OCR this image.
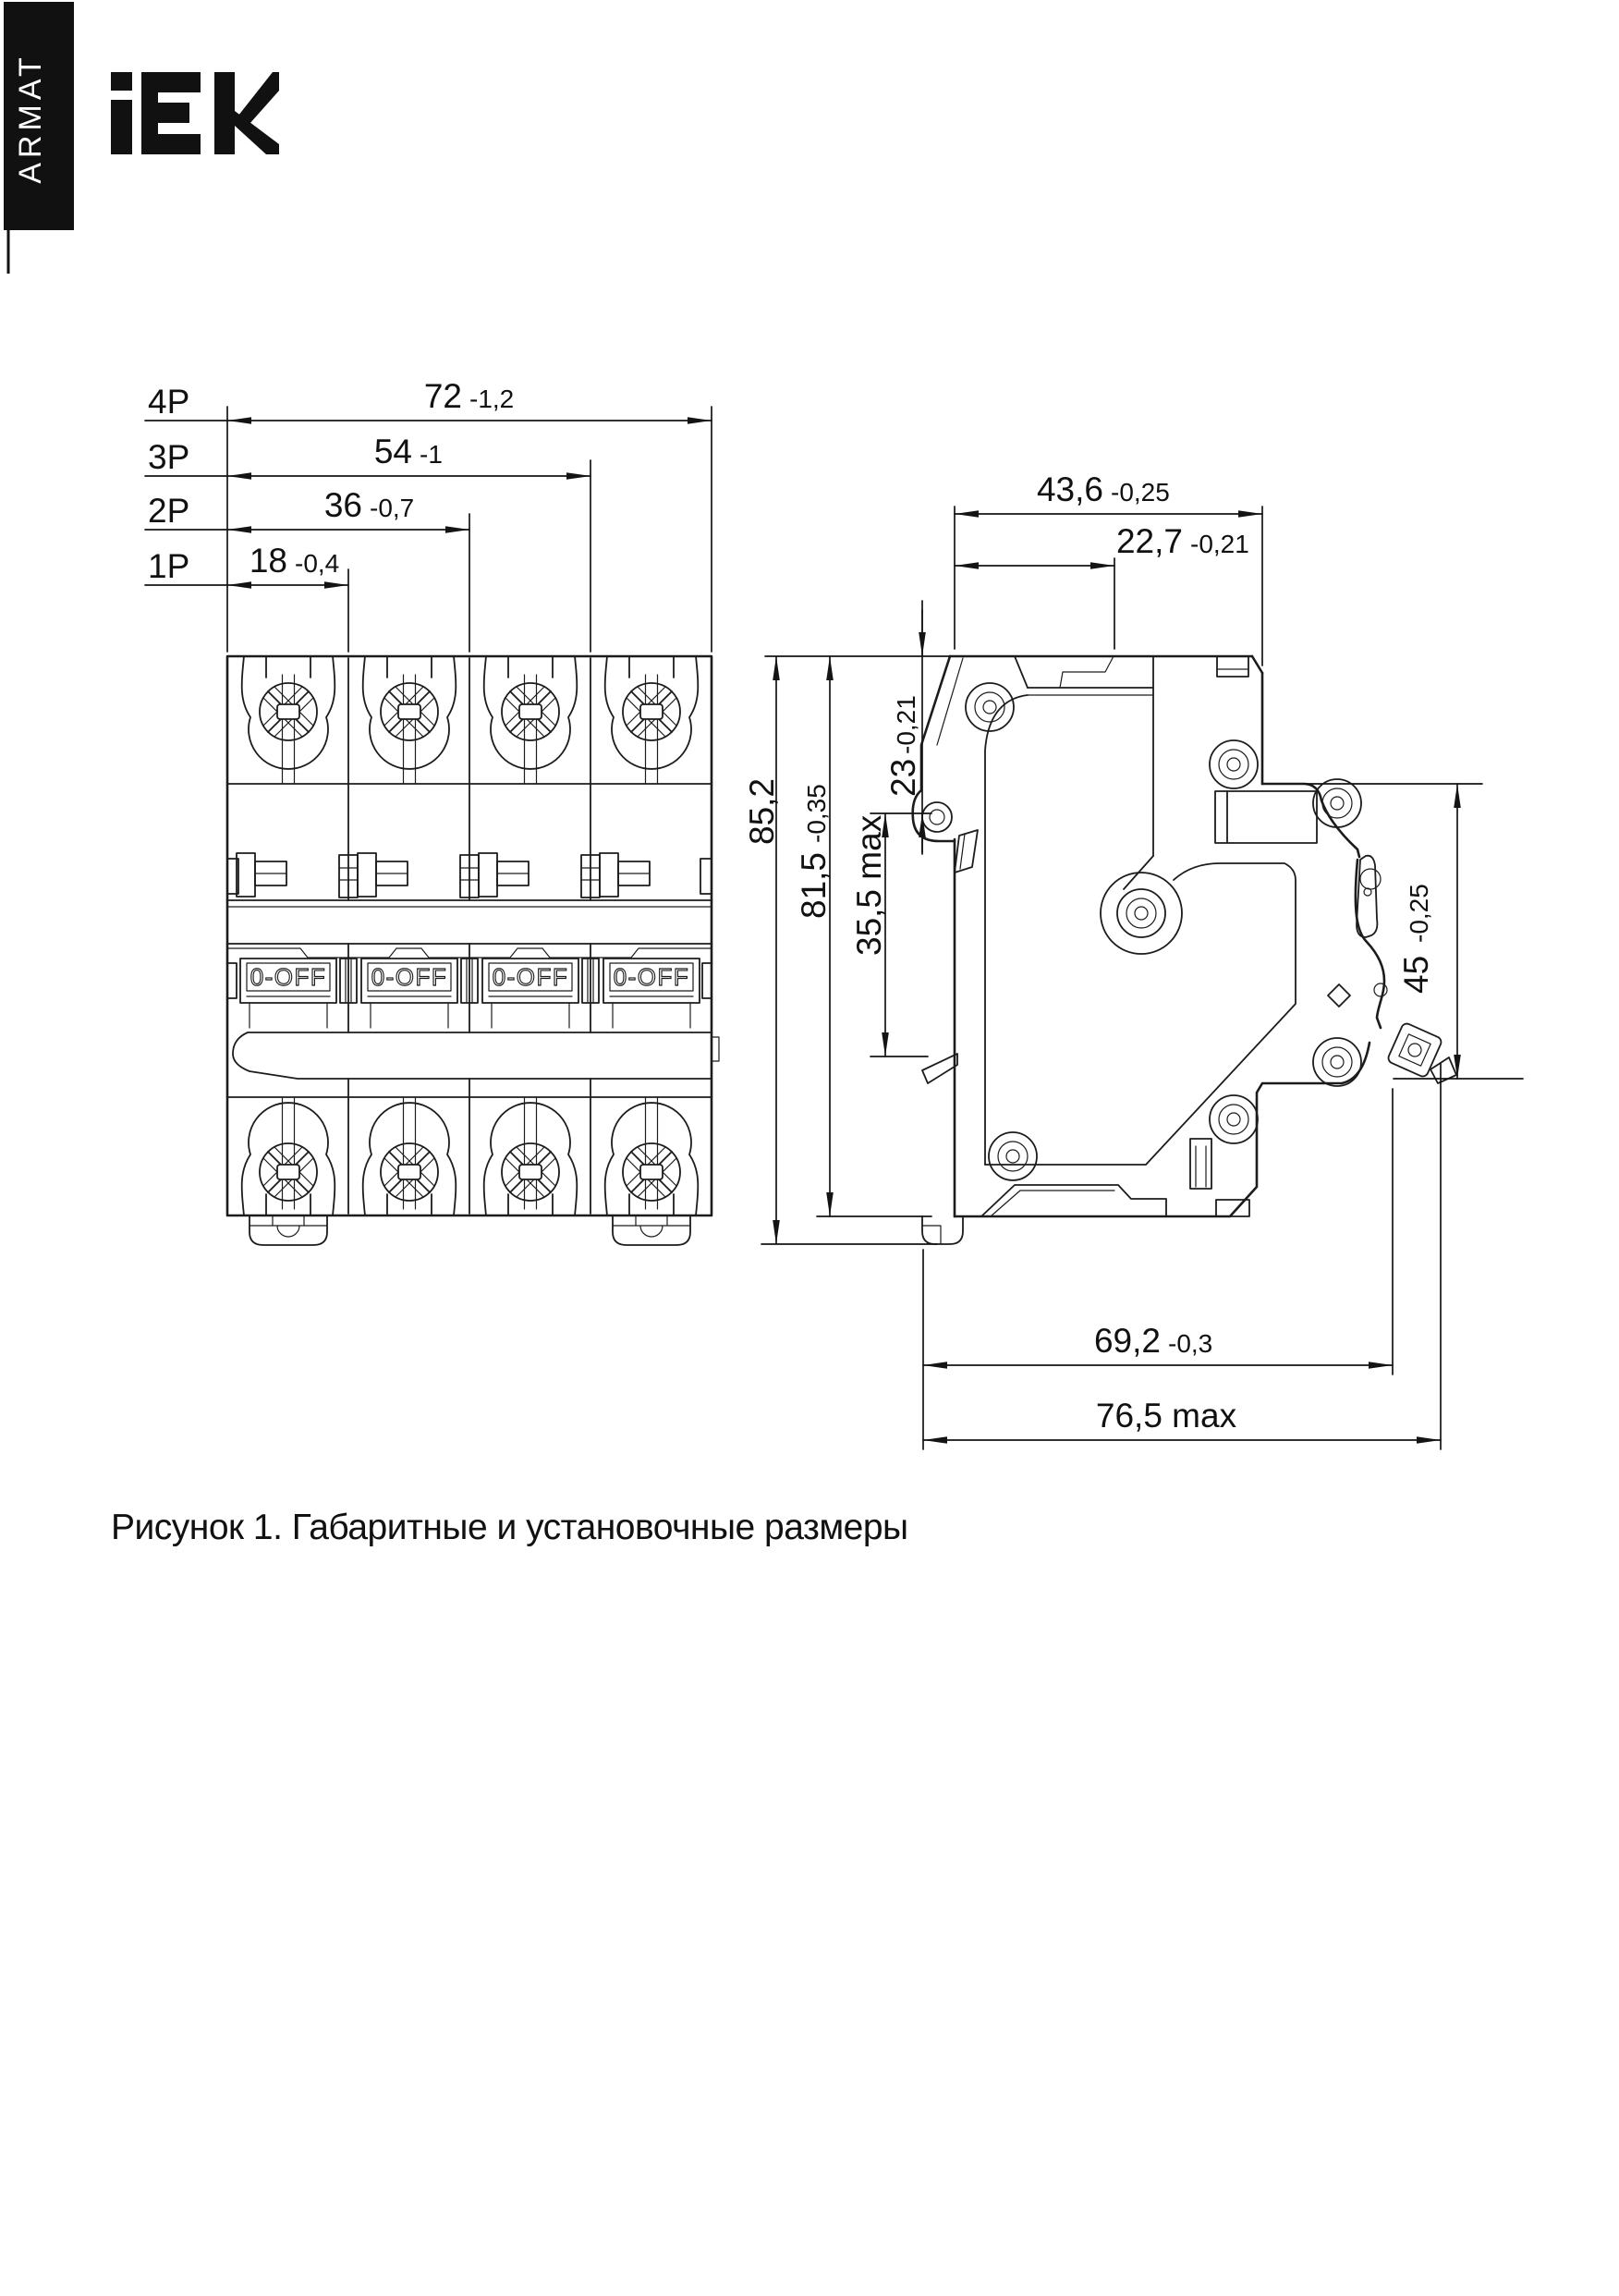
ARMAT
0-OFF 0-OFF 0-OFF 0-OFF
4P
3P
2P
1P
72 -1,2
54 -1
36 -0,7
18 -0,4
43,6 -0,25
22,7 -0,21
23
-0,21
35,5 max
81,5
-0,35
85,2
45
-0,25
69,2 -0,3
76,5 max
Рисунок 1. Габаритные и установочные размеры
